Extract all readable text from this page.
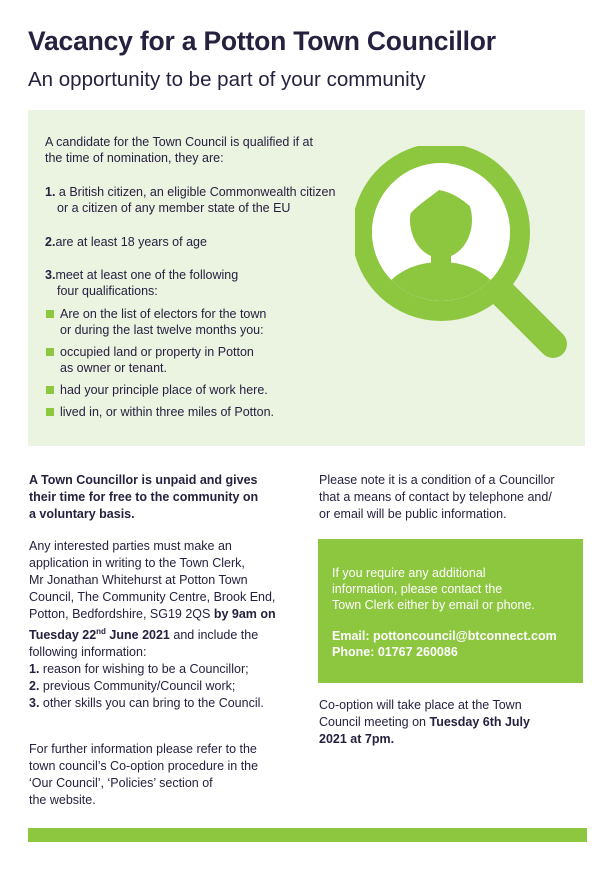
Vacancy for a Potton Town Councillor
An opportunity to be part of your community
A candidate for the Town Council is qualified if at
the time of nomination, they are:
1. a British citizen, an eligible Commonwealth citizen
or a citizen of any member state of the EU
2.are at least 18 years of age
3.meet at least one of the following
four qualifications:
Are on the list of electors for the town
or during the last twelve months you:
occupied land or property in Potton
as owner or tenant.
had your principle place of work here.
lived in, or within three miles of Potton.
A Town Councillor is unpaid and gives
their time for free to the community on
a voluntary basis.
Any interested parties must make an
application in writing to the Town Clerk,
Mr Jonathan Whitehurst at Potton Town
Council, The Community Centre, Brook End,
Potton, Bedfordshire, SG19 2QS by 9am on
Tuesday 22nd June 2021 and include the
following information:
1. reason for wishing to be a Councillor;
2. previous Community/Council work;
3. other skills you can bring to the Council.
For further information please refer to the
town council’s Co-option procedure in the
‘Our Council’, ‘Policies’ section of
the website.
Please note it is a condition of a Councillor
that a means of contact by telephone and/
or email will be public information.
If you require any additional
information, please contact the
Town Clerk either by email or phone.
Email: pottoncouncil@btconnect.com
Phone: 01767 260086
Co-option will take place at the Town
Council meeting on Tuesday 6th July
2021 at 7pm.
